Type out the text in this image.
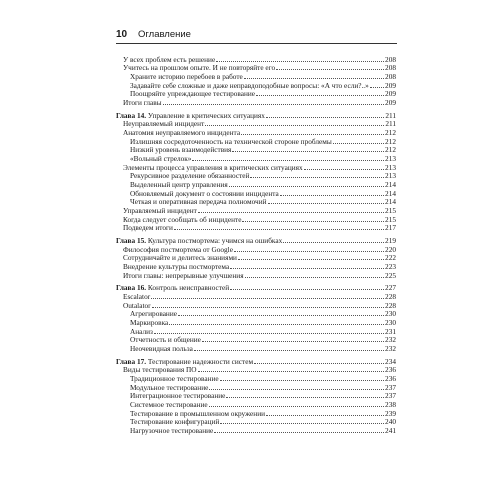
10	Оглавление
У всех проблем есть решение	208
Учитесь на прошлом опыте. И не повторяйте его	208
Храните историю перебоев в работе	208
Задавайте себе сложные и даже неправдоподобные вопросы: «А что если?..» 209
Поощряйте упреждающее тестирование	209
Итоги главы	209
Глава 14. Управление в критических ситуациях	211
Неуправляемый инцидент	211
Анатомия неуправляемого инцидента	212
Излишняя сосредоточенность на технической стороне проблемы	212
Низкий уровень взаимодействия	212
«Вольный стрелок»	213
Элементы процесса управления в критических ситуациях	213
Рекурсивное разделение обязанностей	213
Выделенный центр управления	214
Обновляемый документ о состоянии инцидента	214
Четкая и оперативная передача полномочий	214
Управляемый инцидент	215
Когда следует сообщать об инциденте	215
Подведем итоги	217
Глава 15. Культура постмортема: учимся на ошибках	219
Философия постмортема от Google	220
Сотрудничайте и делитесь знаниями	222
Внедрение культуры постмортема	223
Итоги главы: непрерывные улучшения	225
Глава 16. Контроль неисправностей	227
Escalator	228
Outalator	228
Агрегирование	230
Маркировка	230
Анализ	231
Отчетность и общение	232
Неочевидная польза	232
Глава 17. Тестирование надежности систем	234
Виды тестирования ПО	236
Традиционное тестирование	236
Модульное тестирование	237
Интеграционное тестирование	237
Системное тестирование	238
Тестирование в промышленном окружении	239
Тестирование конфигураций	240
Нагрузочное тестирование	241
